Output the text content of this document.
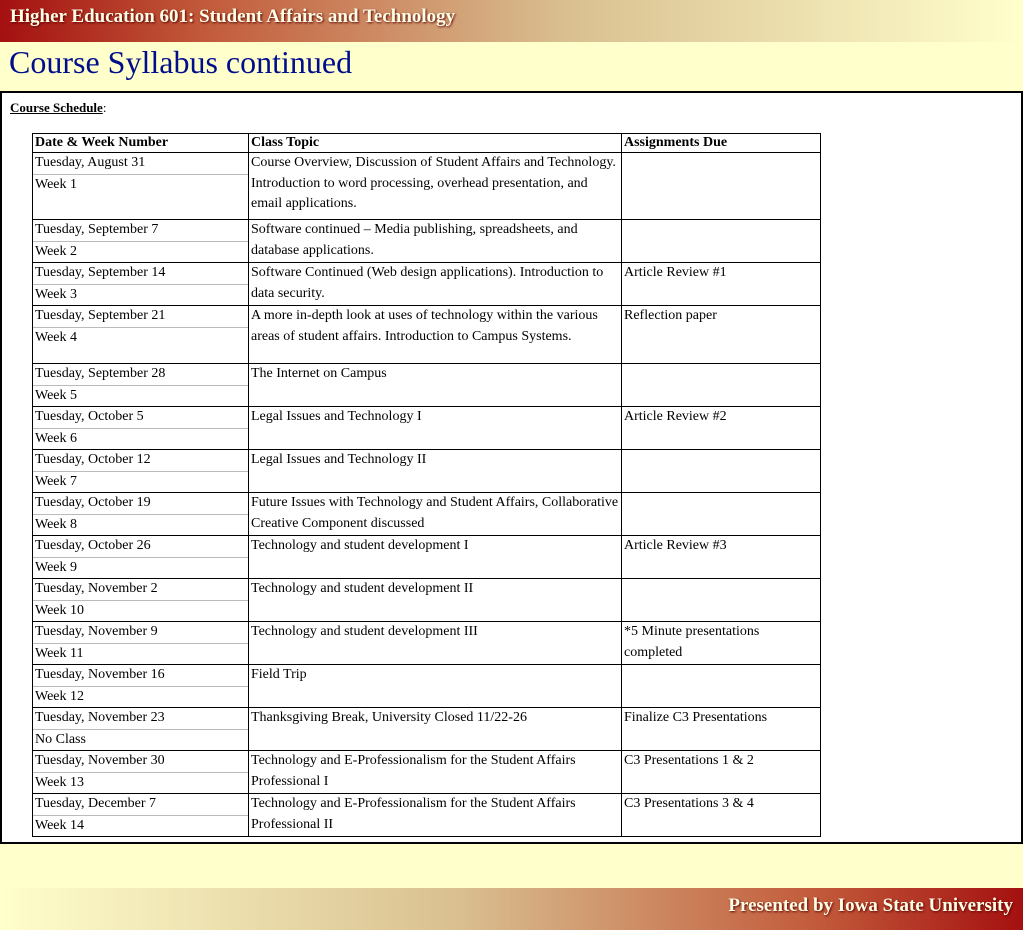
Higher Education 601: Student Affairs and Technology
Course Syllabus continued
Course Schedule:
Date & Week Number	Class Topic	Assignments Due

Tuesday, August 31
Week 1	Course Overview, Discussion of Student Affairs and Technology. Introduction to word processing, overhead presentation, and email applications.	

Tuesday, September 7
Week 2	Software continued – Media publishing, spreadsheets, and database applications.	

Tuesday, September 14
Week 3	Software Continued (Web design applications). Introduction to data security.	Article Review #1

Tuesday, September 21
Week 4	A more in-depth look at uses of technology within the various areas of student affairs. Introduction to Campus Systems.	Reflection paper

Tuesday, September 28
Week 5	The Internet on Campus	

Tuesday, October 5
Week 6	Legal Issues and Technology I	Article Review #2

Tuesday, October 12
Week 7	Legal Issues and Technology II	

Tuesday, October 19
Week 8	Future Issues with Technology and Student Affairs, Collaborative Creative Component discussed	

Tuesday, October 26
Week 9	Technology and student development I	Article Review #3

Tuesday, November 2
Week 10	Technology and student development II	

Tuesday, November 9
Week 11	Technology and student development III	*5 Minute presentations completed

Tuesday, November 16
Week 12	Field Trip	

Tuesday, November 23
No Class	Thanksgiving Break, University Closed 11/22-26	Finalize C3 Presentations

Tuesday, November 30
Week 13	Technology and E-Professionalism for the Student Affairs Professional I	C3 Presentations 1 & 2

Tuesday, December 7
Week 14	Technology and E-Professionalism for the Student Affairs Professional II	C3 Presentations 3 & 4
Presented by Iowa State University
